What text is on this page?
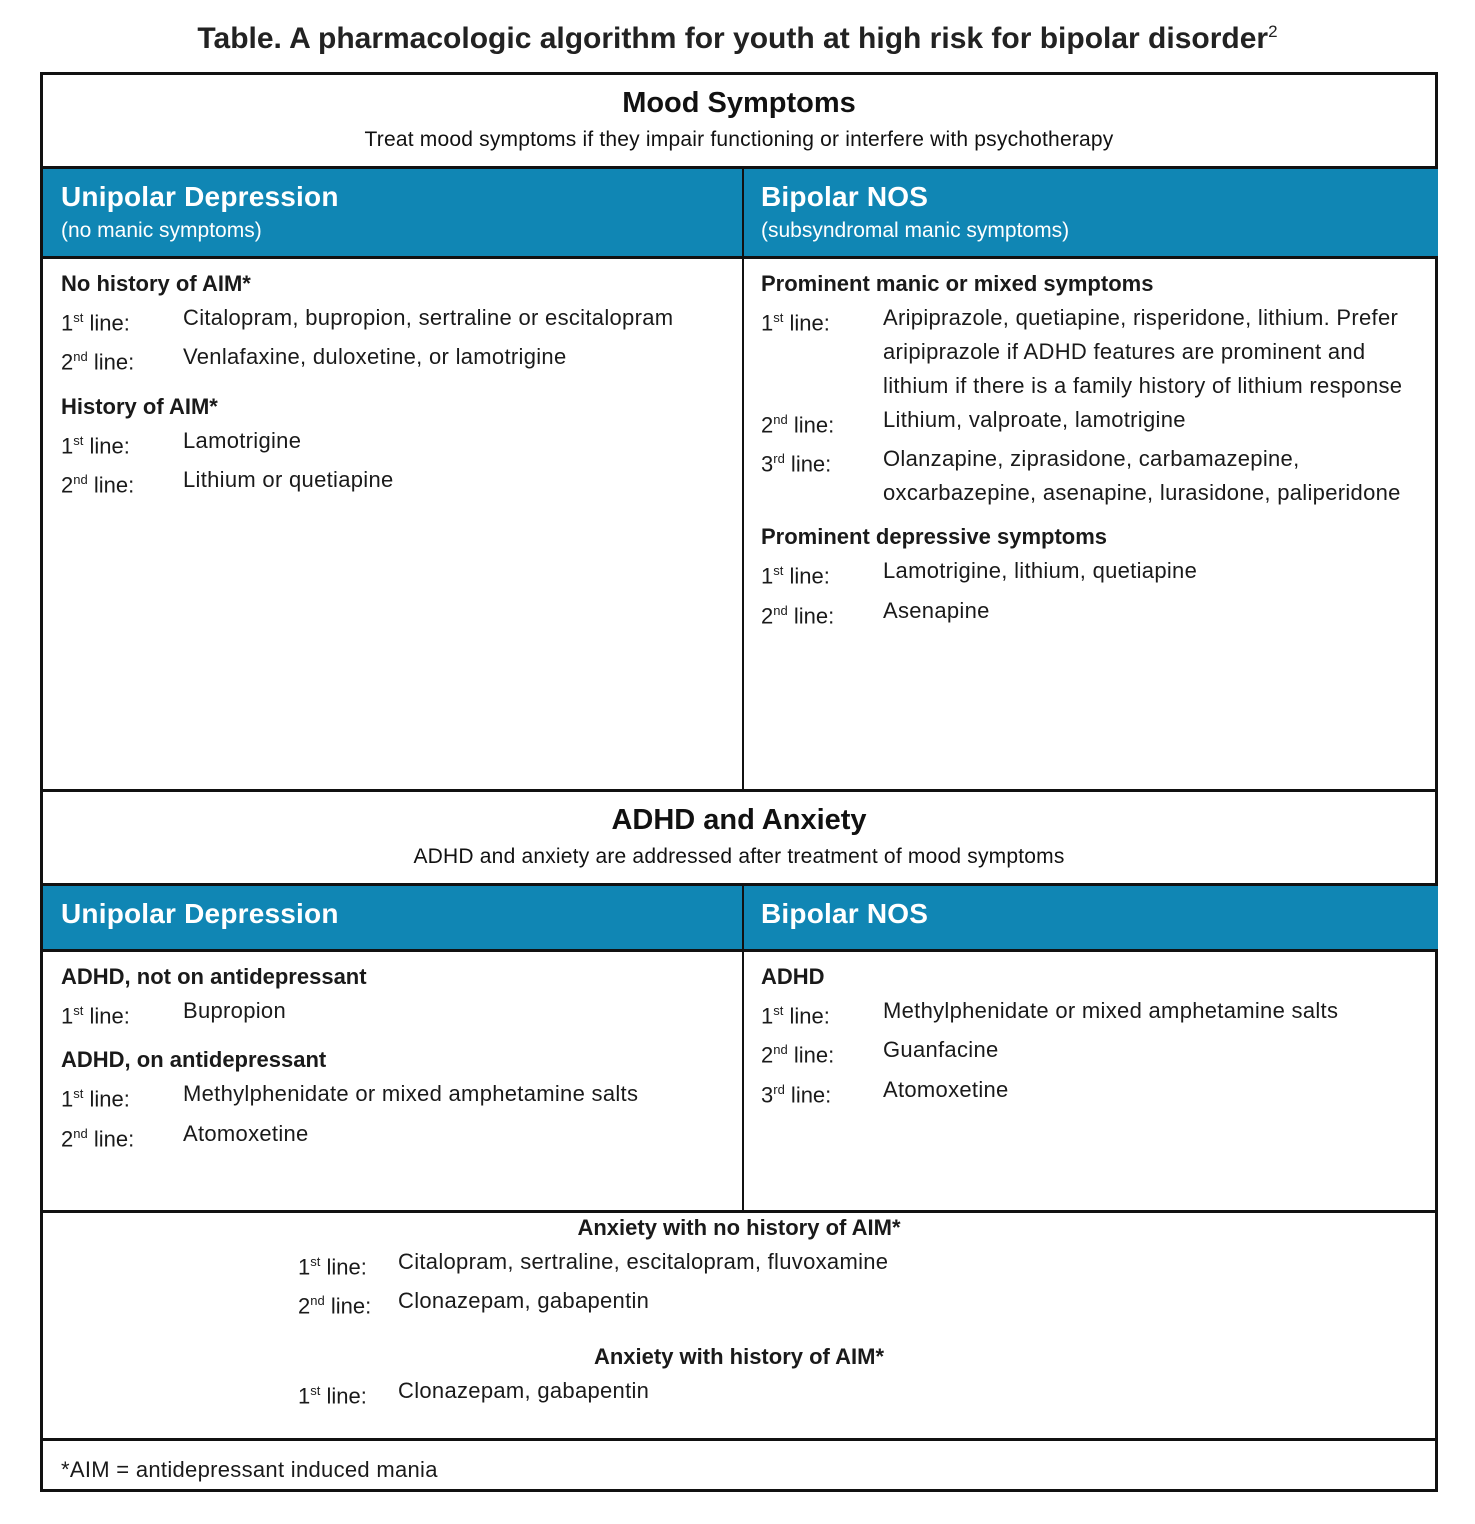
Table. A pharmacologic algorithm for youth at high risk for bipolar disorder$^2$
Mood Symptoms
Treat mood symptoms if they impair functioning or interfere with psychotherapy
Unipolar Depression
(no manic symptoms)
Bipolar NOS
(subsyndromal manic symptoms)
No history of AIM*
1st line:	Citalopram, bupropion, sertraline or escitalopram
2nd line:	Venlafaxine, duloxetine, or lamotrigine
History of AIM*
1st line:	Lamotrigine
2nd line:	Lithium or quetiapine
Prominent manic or mixed symptoms
1st line:	Aripiprazole, quetiapine, risperidone, lithium. Prefer aripiprazole if ADHD features are prominent and lithium if there is a family history of lithium response
2nd line:	Lithium, valproate, lamotrigine
3rd line:	Olanzapine, ziprasidone, carbamazepine, oxcarbazepine, asenapine, lurasidone, paliperidone
Prominent depressive symptoms
1st line:	Lamotrigine, lithium, quetiapine
2nd line:	Asenapine
ADHD and Anxiety
ADHD and anxiety are addressed after treatment of mood symptoms
Unipolar Depression	Bipolar NOS
ADHD, not on antidepressant
1st line:	Bupropion
ADHD, on antidepressant
1st line:	Methylphenidate or mixed amphetamine salts
2nd line:	Atomoxetine
ADHD
1st line:	Methylphenidate or mixed amphetamine salts
2nd line:	Guanfacine
3rd line:	Atomoxetine
Anxiety with no history of AIM*
1st line:	Citalopram, sertraline, escitalopram, fluvoxamine
2nd line:	Clonazepam, gabapentin
Anxiety with history of AIM*
1st line:	Clonazepam, gabapentin
*AIM = antidepressant induced mania
